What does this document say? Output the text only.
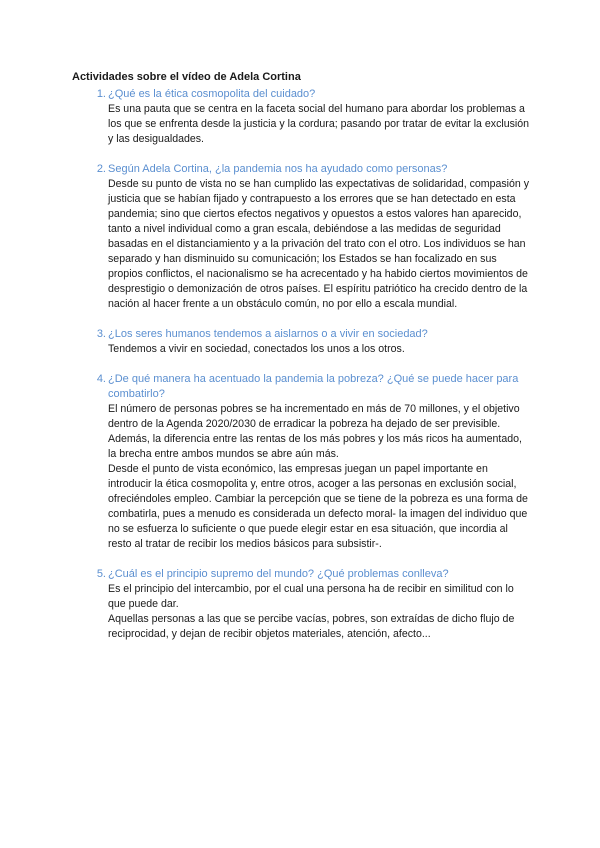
Actividades sobre el vídeo de Adela Cortina

1. ¿Qué es la ética cosmopolita del cuidado?

Es una pauta que se centra en la faceta social del humano para abordar los problemas a los que se enfrenta desde la justicia y la cordura; pasando por tratar de evitar la exclusión y las desigualdades.

2. Según Adela Cortina, ¿la pandemia nos ha ayudado como personas?

Desde su punto de vista no se han cumplido las expectativas de solidaridad, compasión y justicia que se habían fijado y contrapuesto a los errores que se han detectado en esta pandemia; sino que ciertos efectos negativos y opuestos a estos valores han aparecido, tanto a nivel individual como a gran escala, debiéndose a las medidas de seguridad basadas en el distanciamiento y a la privación del trato con el otro. Los individuos se han separado y han disminuido su comunicación; los Estados se han focalizado en sus propios conflictos, el nacionalismo se ha acrecentado y ha habido ciertos movimientos de desprestigio o demonización de otros países. El espíritu patriótico ha crecido dentro de la nación al hacer frente a un obstáculo común, no por ello a escala mundial.

3. ¿Los seres humanos tendemos a aislarnos o a vivir en sociedad?

Tendemos a vivir en sociedad, conectados los unos a los otros.

4. ¿De qué manera ha acentuado la pandemia la pobreza? ¿Qué se puede hacer para combatirlo?

El número de personas pobres se ha incrementado en más de 70 millones, y el objetivo dentro de la Agenda 2020/2030 de erradicar la pobreza ha dejado de ser previsible. Además, la diferencia entre las rentas de los más pobres y los más ricos ha aumentado, la brecha entre ambos mundos se abre aún más.

Desde el punto de vista económico, las empresas juegan un papel importante en introducir la ética cosmopolita y, entre otros, acoger a las personas en exclusión social, ofreciéndoles empleo. Cambiar la percepción que se tiene de la pobreza es una forma de combatirla, pues a menudo es considerada un defecto moral- la imagen del individuo que no se esfuerza lo suficiente o que puede elegir estar en esa situación, que incordia al resto al tratar de recibir los medios básicos para subsistir-.

5. ¿Cuál es el principio supremo del mundo? ¿Qué problemas conlleva?

Es el principio del intercambio, por el cual una persona ha de recibir en similitud con lo que puede dar.

Aquellas personas a las que se percibe vacías, pobres, son extraídas de dicho flujo de reciprocidad, y dejan de recibir objetos materiales, atención, afecto...
